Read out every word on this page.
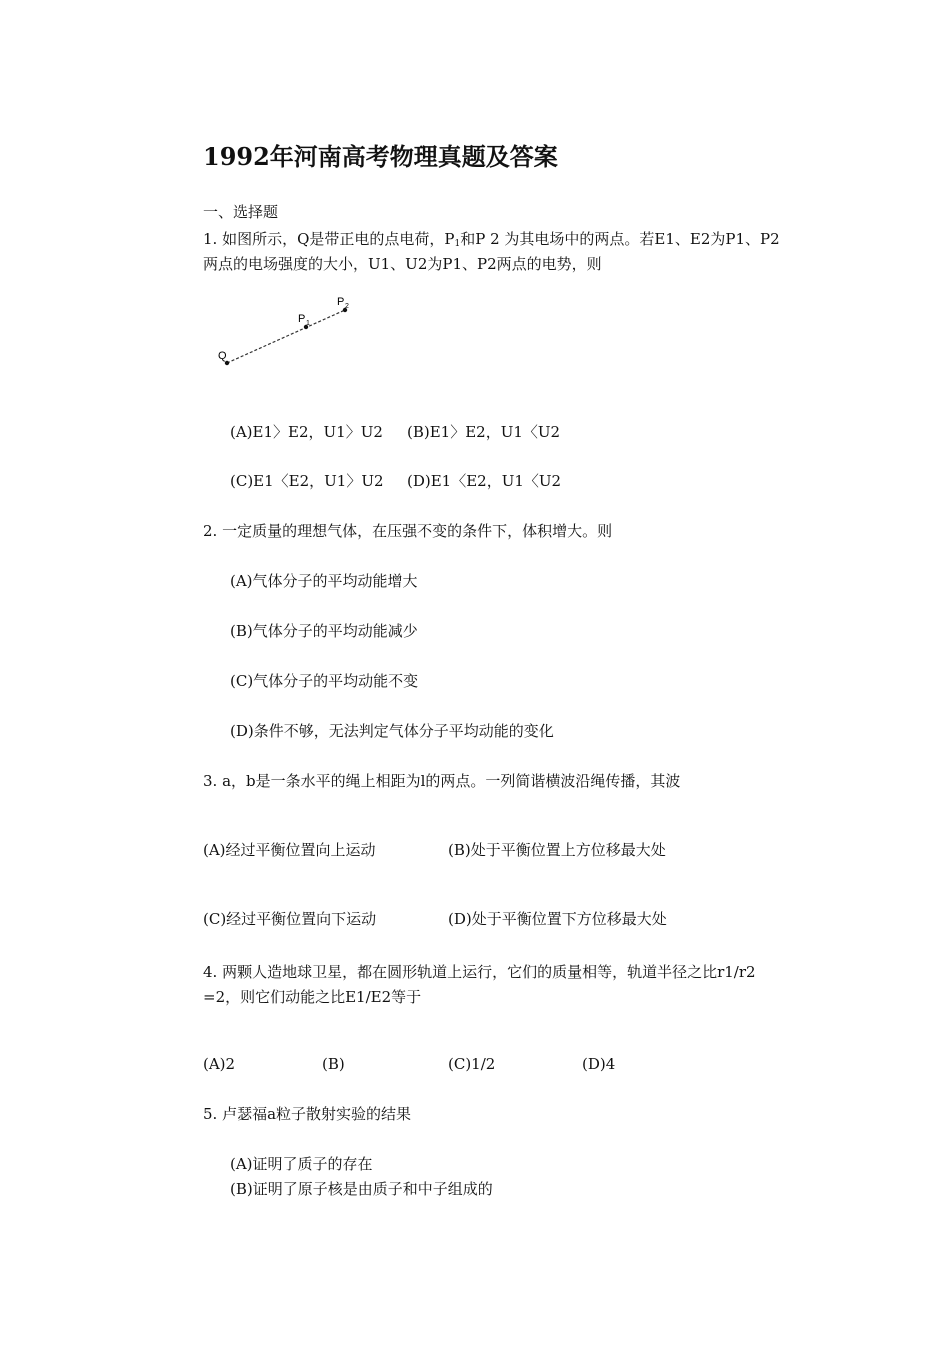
1992年河南高考物理真题及答案
一、选择题
1. 如图所示，Q是带正电的点电荷，$P_1$和P 2 为其电场中的两点。若E1、E2为P1、P2
两点的电场强度的大小，U1、U2为P1、P2两点的电势，则
Q
P 1
P 2
(A)E1〉E2，U1〉U2 (B)E1〉E2，U1〈U2
(C)E1〈E2，U1〉U2 (D)E1〈E2，U1〈U2
2. 一定质量的理想气体，在压强不变的条件下，体积增大。则
(A)气体分子的平均动能增大
(B)气体分子的平均动能减少
(C)气体分子的平均动能不变
(D)条件不够，无法判定气体分子平均动能的变化
3. a，b是一条水平的绳上相距为l的两点。一列简谐横波沿绳传播，其波
(A)经过平衡位置向上运动	(B)处于平衡位置上方位移最大处
(C)经过平衡位置向下运动	(D)处于平衡位置下方位移最大处
4. 两颗人造地球卫星，都在圆形轨道上运行，它们的质量相等，轨道半径之比r1/r2
=2，则它们动能之比E1/E2等于
(A)2	(B)	(C)1/2	(D)4
5. 卢瑟福a粒子散射实验的结果
(A)证明了质子的存在
(B)证明了原子核是由质子和中子组成的
